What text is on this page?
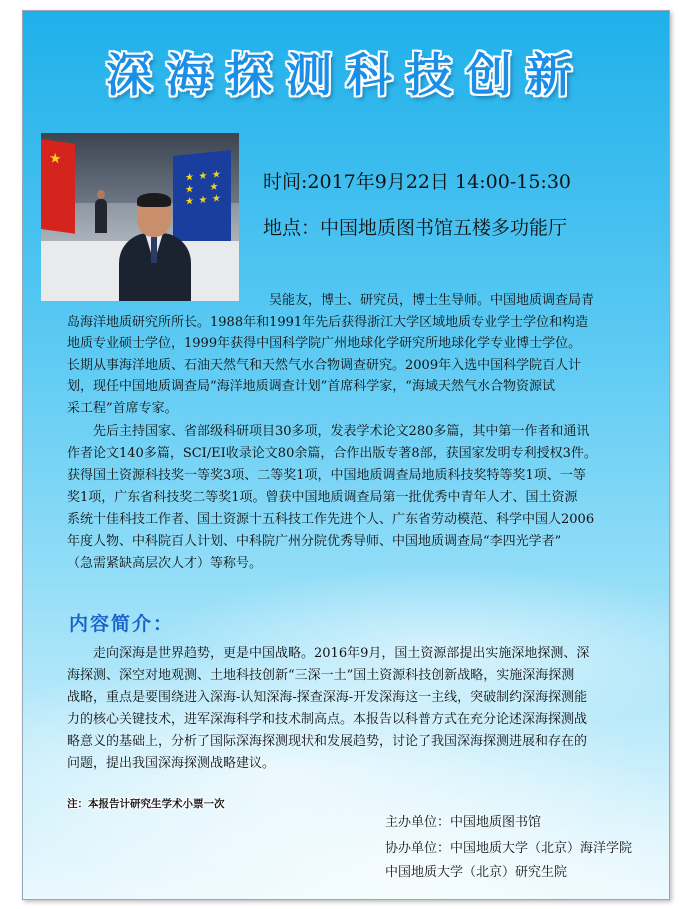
深海探测科技创新
★
★ ★ ★
★　 ★
★ ★ ★
时间:2017年9月22日 14:00-15:30
地点：中国地质图书馆五楼多功能厅
吴能友，博士、研究员，博士生导师。中国地质调查局青
岛海洋地质研究所所长。1988年和1991年先后获得浙江大学区域地质专业学士学位和构造
地质专业硕士学位，1999年获得中国科学院广州地球化学研究所地球化学专业博士学位。
长期从事海洋地质、石油天然气和天然气水合物调查研究。2009年入选中国科学院百人计
划，现任中国地质调查局“海洋地质调查计划”首席科学家，“海域天然气水合物资源试
采工程”首席专家。
　　先后主持国家、省部级科研项目30多项，发表学术论文280多篇，其中第一作者和通讯
作者论文140多篇，SCI/EI收录论文80余篇，合作出版专著8部，获国家发明专利授权3件。
获得国土资源科技奖一等奖3项、二等奖1项，中国地质调查局地质科技奖特等奖1项、一等
奖1项，广东省科技奖二等奖1项。曾获中国地质调查局第一批优秀中青年人才、国土资源
系统十佳科技工作者、国土资源十五科技工作先进个人、广东省劳动模范、科学中国人2006
年度人物、中科院百人计划、中科院广州分院优秀导师、中国地质调查局“李四光学者”
（急需紧缺高层次人才）等称号。
内容简介：
　　走向深海是世界趋势，更是中国战略。2016年9月，国土资源部提出实施深地探测、深
海探测、深空对地观测、土地科技创新“三深一土”国土资源科技创新战略，实施深海探测
战略，重点是要围绕进入深海-认知深海-探查深海-开发深海这一主线，突破制约深海探测能
力的核心关键技术，进军深海科学和技术制高点。本报告以科普方式在充分论述深海探测战
略意义的基础上，分析了国际深海探测现状和发展趋势，讨论了我国深海探测进展和存在的
问题，提出我国深海探测战略建议。
注：本报告计研究生学术小票一次
主办单位：中国地质图书馆
协办单位：中国地质大学（北京）海洋学院
中国地质大学（北京）研究生院
